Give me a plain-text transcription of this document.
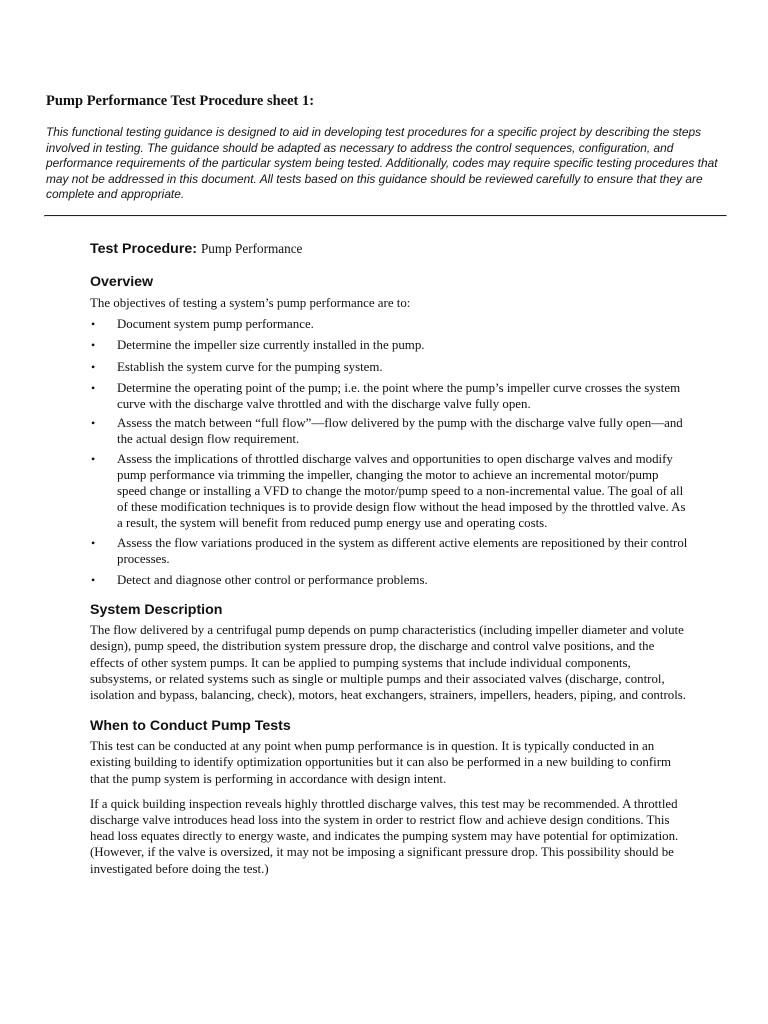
Pump Performance Test Procedure sheet 1:

This functional testing guidance is designed to aid in developing test procedures for a specific project by describing the steps involved in testing. The guidance should be adapted as necessary to address the control sequences, configuration, and performance requirements of the particular system being tested. Additionally, codes may require specific testing procedures that may not be addressed in this document. All tests based on this guidance should be reviewed carefully to ensure that they are complete and appropriate.

Test Procedure: Pump Performance
Overview

The objectives of testing a system’s pump performance are to:

• Document system pump performance.
• Determine the impeller size currently installed in the pump.
• Establish the system curve for the pumping system.
• Determine the operating point of the pump; i.e. the point where the pump’s impeller curve crosses the system curve with the discharge valve throttled and with the discharge valve fully open.
• Assess the match between “full flow”—flow delivered by the pump with the discharge valve fully open—and the actual design flow requirement.
• Assess the implications of throttled discharge valves and opportunities to open discharge valves and modify pump performance via trimming the impeller, changing the motor to achieve an incremental motor/pump speed change or installing a VFD to change the motor/pump speed to a non-incremental value. The goal of all of these modification techniques is to provide design flow without the head imposed by the throttled valve. As a result, the system will benefit from reduced pump energy use and operating costs.
• Assess the flow variations produced in the system as different active elements are repositioned by their control processes.
• Detect and diagnose other control or performance problems.
System Description

The flow delivered by a centrifugal pump depends on pump characteristics (including impeller diameter and volute design), pump speed, the distribution system pressure drop, the discharge and control valve positions, and the effects of other system pumps. It can be applied to pumping systems that include individual components, subsystems, or related systems such as single or multiple pumps and their associated valves (discharge, control, isolation and bypass, balancing, check), motors, heat exchangers, strainers, impellers, headers, piping, and controls.

When to Conduct Pump Tests

This test can be conducted at any point when pump performance is in question. It is typically conducted in an existing building to identify optimization opportunities but it can also be performed in a new building to confirm that the pump system is performing in accordance with design intent.

If a quick building inspection reveals highly throttled discharge valves, this test may be recommended. A throttled discharge valve introduces head loss into the system in order to restrict flow and achieve design conditions. This head loss equates directly to energy waste, and indicates the pumping system may have potential for optimization. (However, if the valve is oversized, it may not be imposing a significant pressure drop. This possibility should be investigated before doing the test.)
